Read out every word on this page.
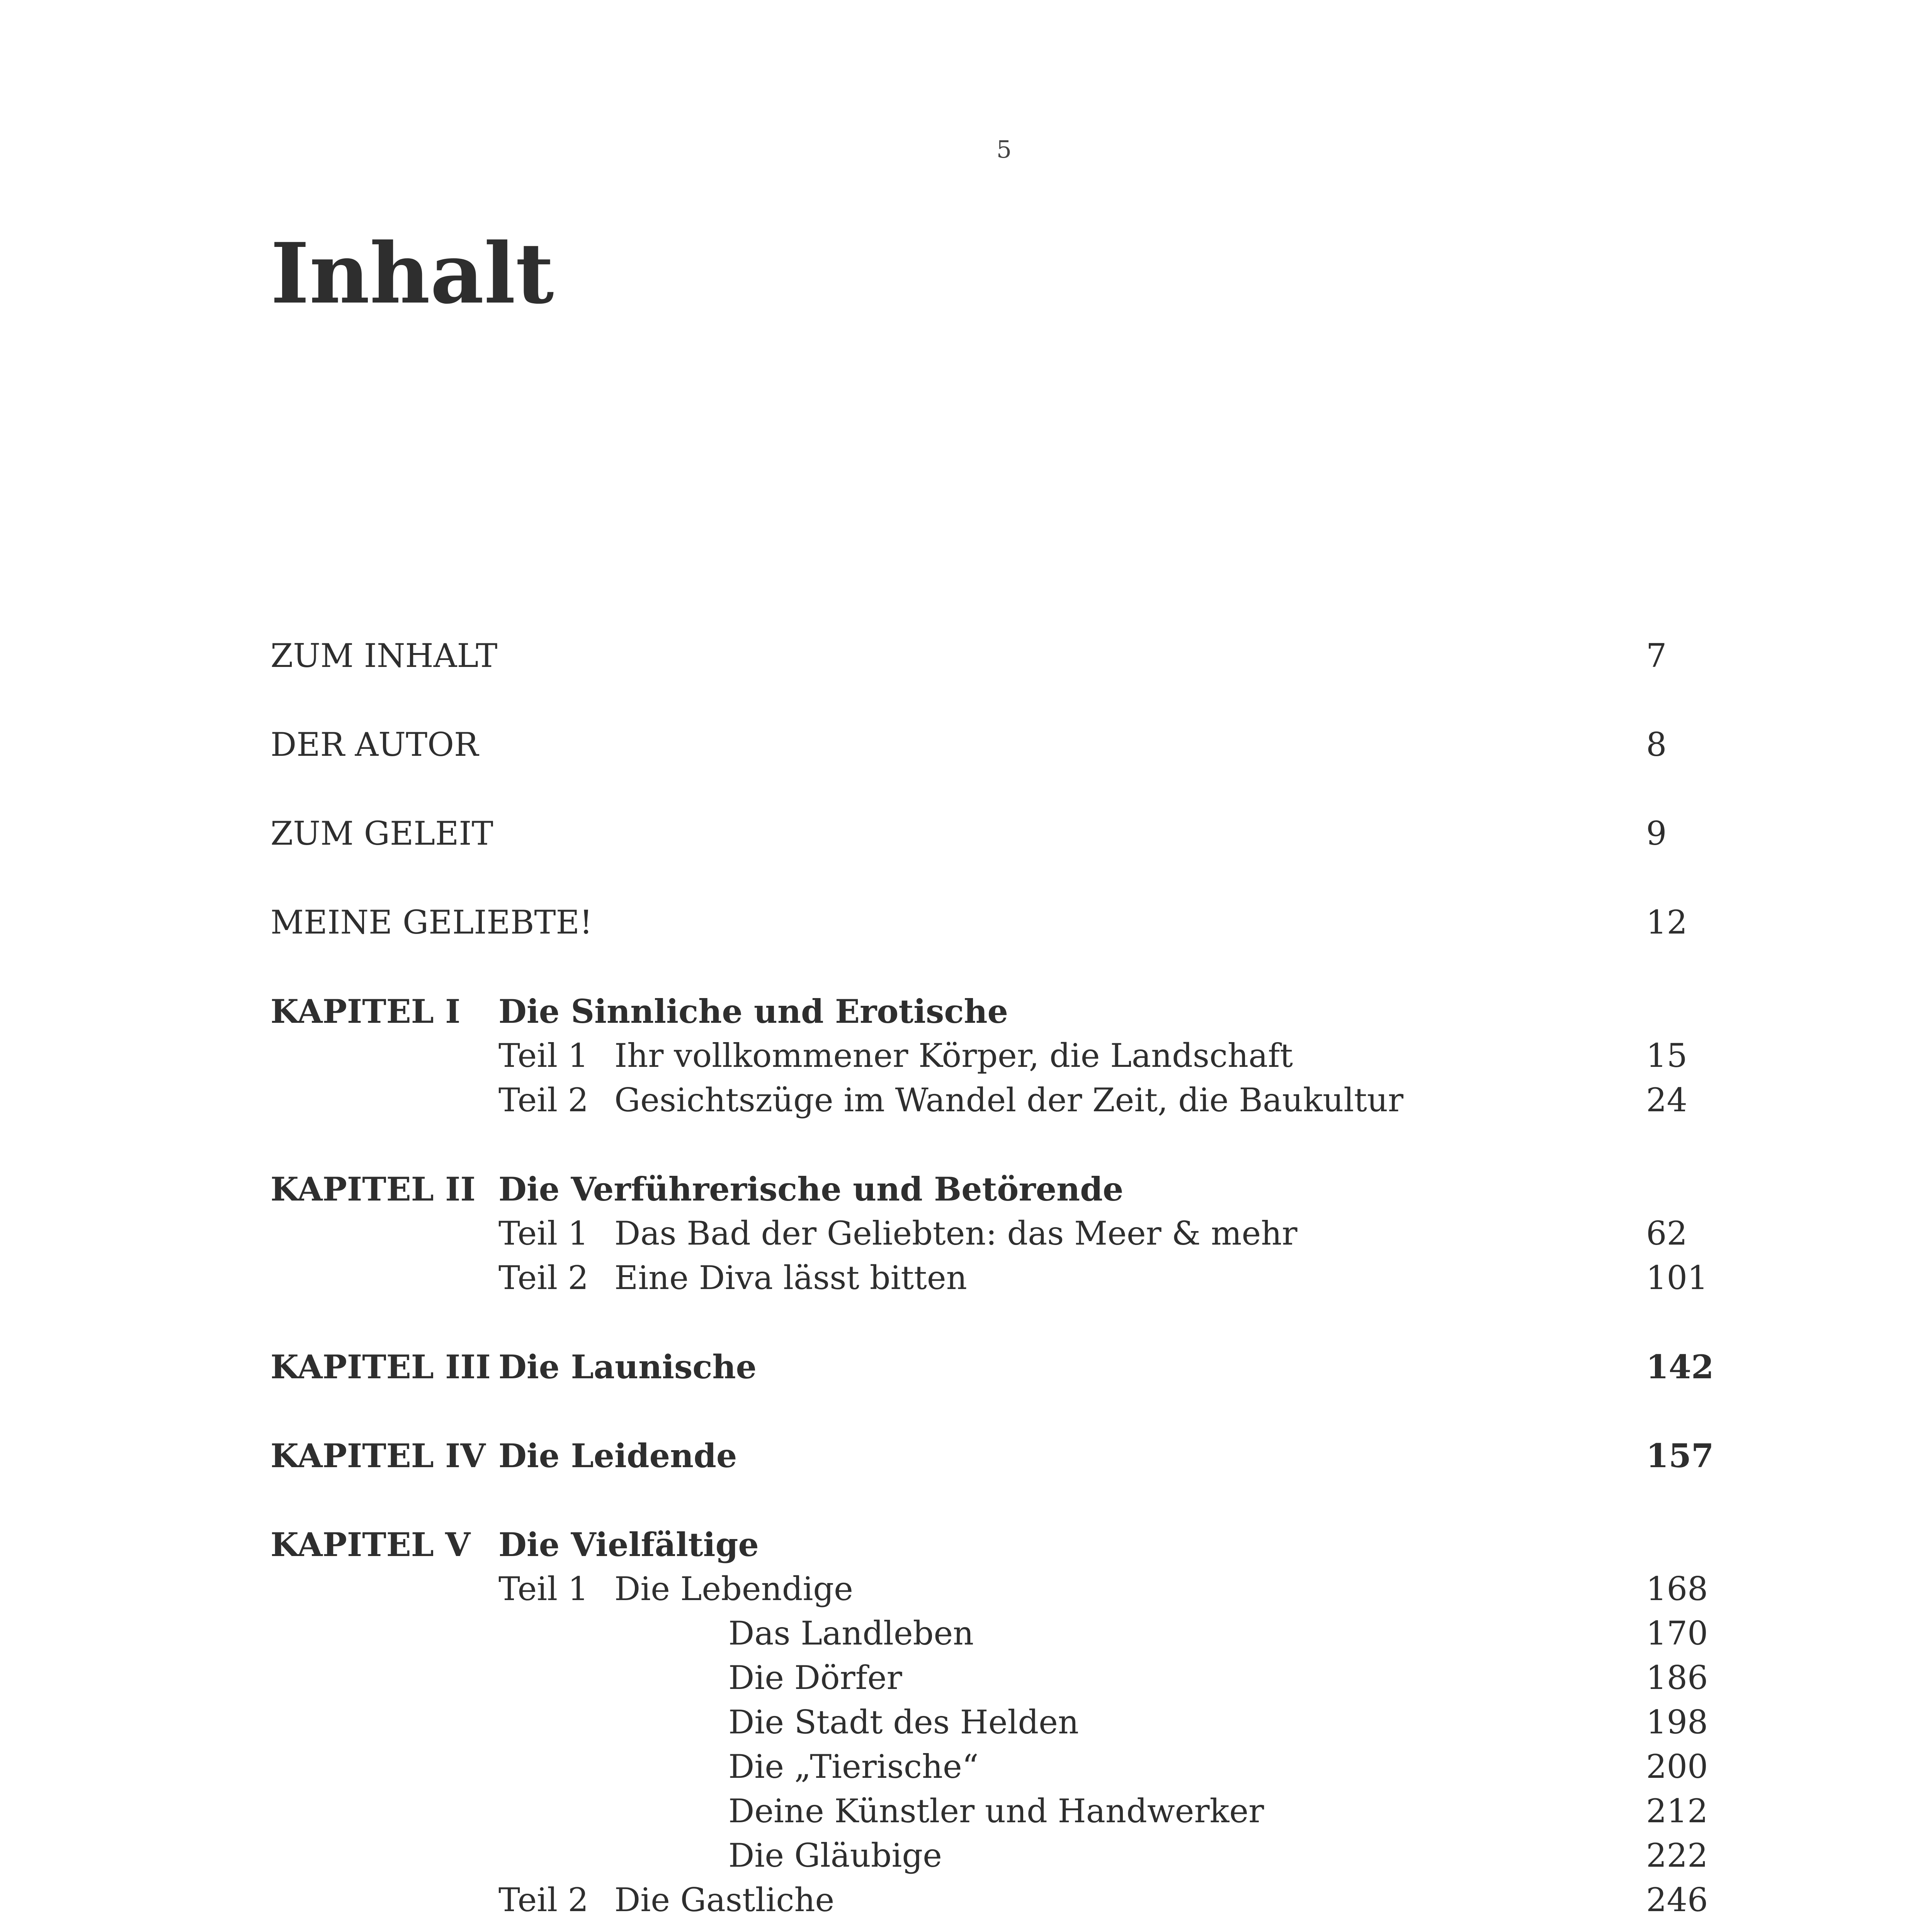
5
Inhalt
ZUM INHALT	7
DER AUTOR	8
ZUM GELEIT	9
MEINE GELIEBTE!	12
KAPITEL I Die Sinnliche und Erotische
Teil 1 Ihr vollkommener Körper, die Landschaft	15
Teil 2 Gesichtszüge im Wandel der Zeit, die Baukultur	24
KAPITEL II Die Verführerische und Betörende
Teil 1 Das Bad der Geliebten: das Meer & mehr	62
Teil 2 Eine Diva lässt bitten	101
KAPITEL III Die Launische	142
KAPITEL IV Die Leidende	157
KAPITEL V Die Vielfältige
Teil 1 Die Lebendige	168
Das Landleben	170
Die Dörfer	186
Die Stadt des Helden	198
Die „Tierische“	200
Deine Künstler und Handwerker	212
Die Gläubige	222
Teil 2 Die Gastliche	246
